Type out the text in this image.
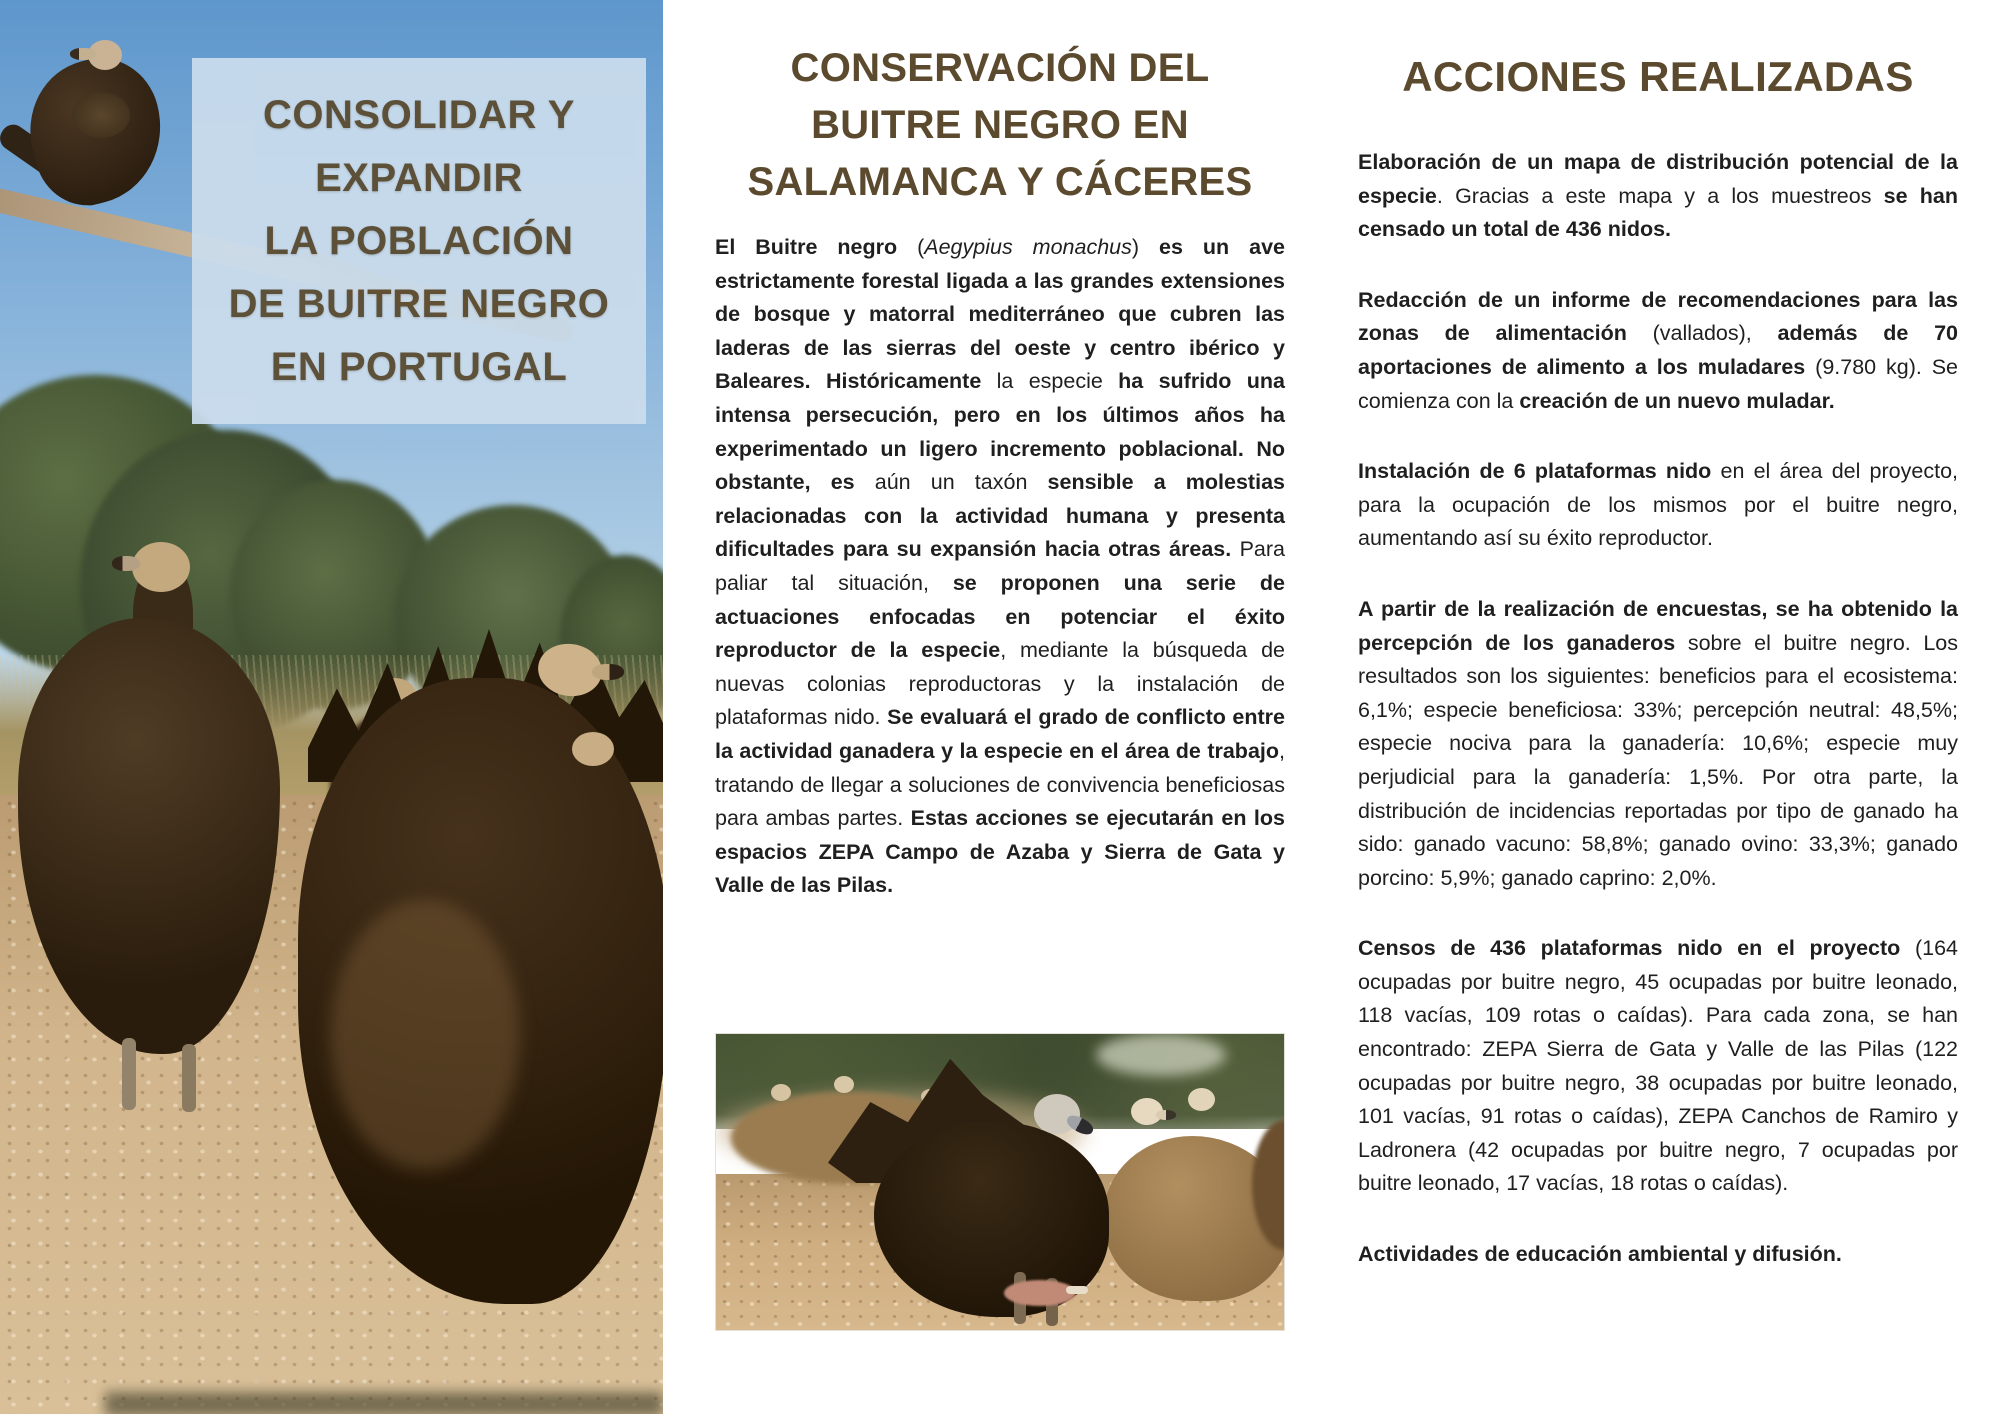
CONSOLIDAR Y
EXPANDIR
LA POBLACIÓN
DE BUITRE NEGRO
EN PORTUGAL
CONSERVACIÓN DEL
BUITRE NEGRO EN
SALAMANCA Y CÁCERES

El Buitre negro (Aegypius monachus) es un ave estrictamente forestal ligada a las grandes extensiones de bosque y matorral mediterráneo que cubren las laderas de las sierras del oeste y centro ibérico y Baleares. Históricamente la especie ha sufrido una intensa persecución, pero en los últimos años ha experimentado un ligero incremento poblacional. No obstante, es aún un taxón sensible a molestias relacionadas con la actividad humana y presenta dificultades para su expansión hacia otras áreas. Para paliar tal situación, se proponen una serie de actuaciones enfocadas en potenciar el éxito reproductor de la especie, mediante la búsqueda de nuevas colonias reproductoras y la instalación de plataformas nido. Se evaluará el grado de conflicto entre la actividad ganadera y la especie en el área de trabajo, tratando de llegar a soluciones de convivencia beneficiosas para ambas partes. Estas acciones se ejecutarán en los espacios ZEPA Campo de Azaba y Sierra de Gata y Valle de las Pilas.

ACCIONES REALIZADAS

Elaboración de un mapa de distribución potencial de la especie. Gracias a este mapa y a los muestreos se han censado un total de 436 nidos.

Redacción de un informe de recomendaciones para las zonas de alimentación (vallados), además de 70 aportaciones de alimento a los muladares (9.780 kg). Se comienza con la creación de un nuevo muladar.

Instalación de 6 plataformas nido en el área del proyecto, para la ocupación de los mismos por el buitre negro, aumentando así su éxito reproductor.

A partir de la realización de encuestas, se ha obtenido la percepción de los ganaderos sobre el buitre negro. Los resultados son los siguientes: beneficios para el ecosistema: 6,1%; especie beneficiosa: 33%; percepción neutral: 48,5%; especie nociva para la ganadería: 10,6%; especie muy perjudicial para la ganadería: 1,5%. Por otra parte, la distribución de incidencias reportadas por tipo de ganado ha sido: ganado vacuno: 58,8%; ganado ovino: 33,3%; ganado porcino: 5,9%; ganado caprino: 2,0%.

Censos de 436 plataformas nido en el proyecto (164 ocupadas por buitre negro, 45 ocupadas por buitre leonado, 118 vacías, 109 rotas o caídas). Para cada zona, se han encontrado: ZEPA Sierra de Gata y Valle de las Pilas (122 ocupadas por buitre negro, 38 ocupadas por buitre leonado, 101 vacías, 91 rotas o caídas), ZEPA Canchos de Ramiro y Ladronera (42 ocupadas por buitre negro, 7 ocupadas por buitre leonado, 17 vacías, 18 rotas o caídas).

Actividades de educación ambiental y difusión.
